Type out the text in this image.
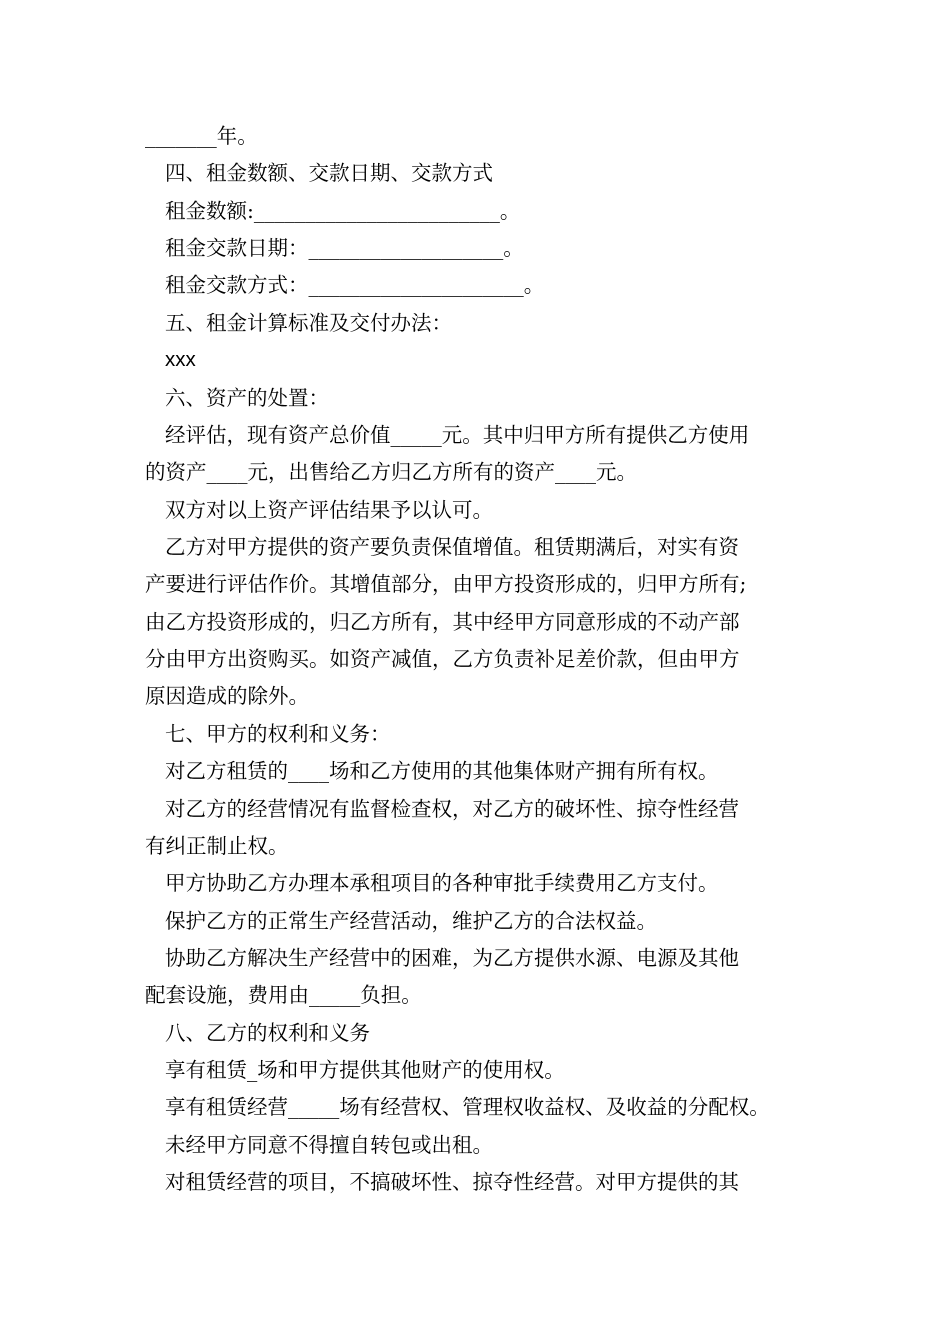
_______年。
四、租金数额、交款日期、交款方式
租金数额:________________________。
租金交款日期：___________________。
租金交款方式：_____________________。
五、租金计算标准及交付办法：
xxx
六、资产的处置：
经评估，现有资产总价值_____元。其中归甲方所有提供乙方使用
的资产____元，出售给乙方归乙方所有的资产____元。
双方对以上资产评估结果予以认可。
乙方对甲方提供的资产要负责保值增值。租赁期满后，对实有资
产要进行评估作价。其增值部分，由甲方投资形成的，归甲方所有;
由乙方投资形成的，归乙方所有，其中经甲方同意形成的不动产部
分由甲方出资购买。如资产减值，乙方负责补足差价款，但由甲方
原因造成的除外。
七、甲方的权利和义务：
对乙方租赁的____场和乙方使用的其他集体财产拥有所有权。
对乙方的经营情况有监督检查权，对乙方的破坏性、掠夺性经营
有纠正制止权。
甲方协助乙方办理本承租项目的各种审批手续费用乙方支付。
保护乙方的正常生产经营活动，维护乙方的合法权益。
协助乙方解决生产经营中的困难，为乙方提供水源、电源及其他
配套设施，费用由_____负担。
八、乙方的权利和义务
享有租赁_场和甲方提供其他财产的使用权。
享有租赁经营_____场有经营权、管理权收益权、及收益的分配权。
未经甲方同意不得擅自转包或出租。
对租赁经营的项目，不搞破坏性、掠夺性经营。对甲方提供的其
